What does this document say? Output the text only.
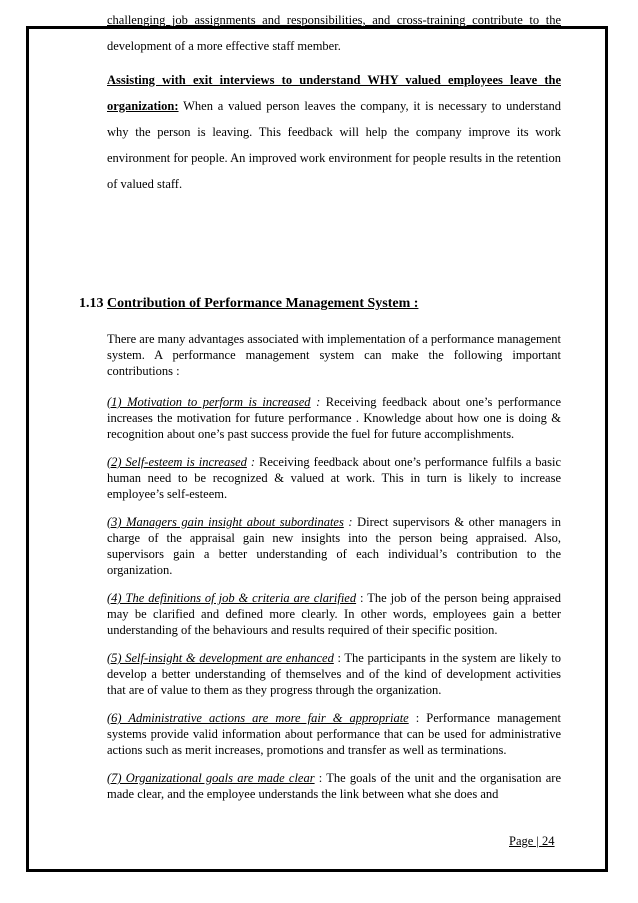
challenging job assignments and responsibilities, and cross-training contribute to the
development of a more effective staff member.
Assisting with exit interviews to understand WHY valued employees leave the organization: When a valued person leaves the company, it is necessary to understand why the person is leaving. This feedback will help the company improve its work environment for people. An improved work environment for people results in the retention of valued staff.
1.13 Contribution of Performance Management System :

There are many advantages associated with implementation of a performance management system. A performance management system can make the following important contributions :

(1) Motivation to perform is increased : Receiving feedback about one’s performance increases the motivation for future performance . Knowledge about how one is doing & recognition about one’s past success provide the fuel for future accomplishments.

(2) Self-esteem is increased : Receiving feedback about one’s performance fulfils a basic human need to be recognized & valued at work. This in turn is likely to increase employee’s self-esteem.

(3) Managers gain insight about subordinates : Direct supervisors & other managers in charge of the appraisal gain new insights into the person being appraised. Also, supervisors gain a better understanding of each individual’s contribution to the organization.

(4) The definitions of job & criteria are clarified : The job of the person being appraised may be clarified and defined more clearly. In other words, employees gain a better understanding of the behaviours and results required of their specific position.

(5) Self-insight & development are enhanced : The participants in the system are likely to develop a better understanding of themselves and of the kind of development activities that are of value to them as they progress through the organization.

(6) Administrative actions are more fair & appropriate : Performance management systems provide valid information about performance that can be used for administrative actions such as merit increases, promotions and transfer as well as terminations.

(7) Organizational goals are made clear : The goals of the unit and the organisation are made clear, and the employee understands the link between what she does and

Page | 24
